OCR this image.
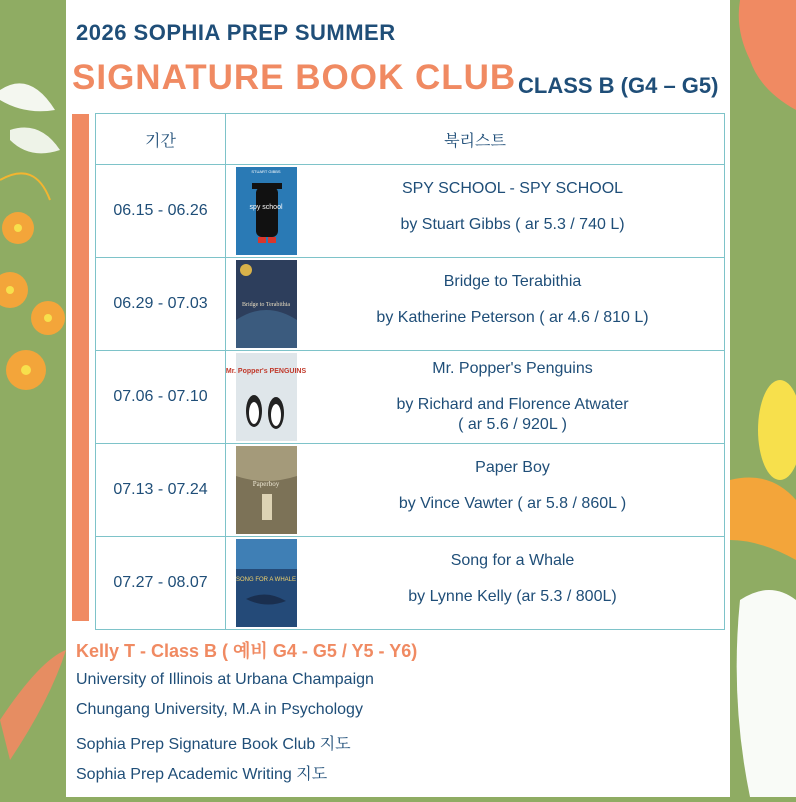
2026 SOPHIA PREP SUMMER
SIGNATURE BOOK CLUB CLASS B (G4 – G5)
기간	북리스트
06.15 - 06.26	STUART GIBBS
spy school
SPY SCHOOL - SPY SCHOOL
by Stuart Gibbs ( ar 5.3 / 740 L)

06.29 - 07.03	Bridge to Terabithia
Bridge to Terabithia
by Katherine Peterson ( ar 4.6 / 810 L)

07.06 - 07.10	Mr. Popper's PENGUINS Mr. Popper's Penguins
by Richard and Florence Atwater
( ar 5.6 / 920L )

07.13 - 07.24	Paperboy
Paper Boy
by Vince Vawter ( ar 5.8 / 860L )

07.27 - 08.07	SONG FOR A WHALE
Song for a Whale
by Lynne Kelly (ar 5.3 / 800L)
Kelly T - Class B ( 예비 G4 - G5 / Y5 - Y6)
University of Illinois at Urbana Champaign
Chungang University, M.A in Psychology
Sophia Prep Signature Book Club 지도
Sophia Prep Academic Writing 지도
